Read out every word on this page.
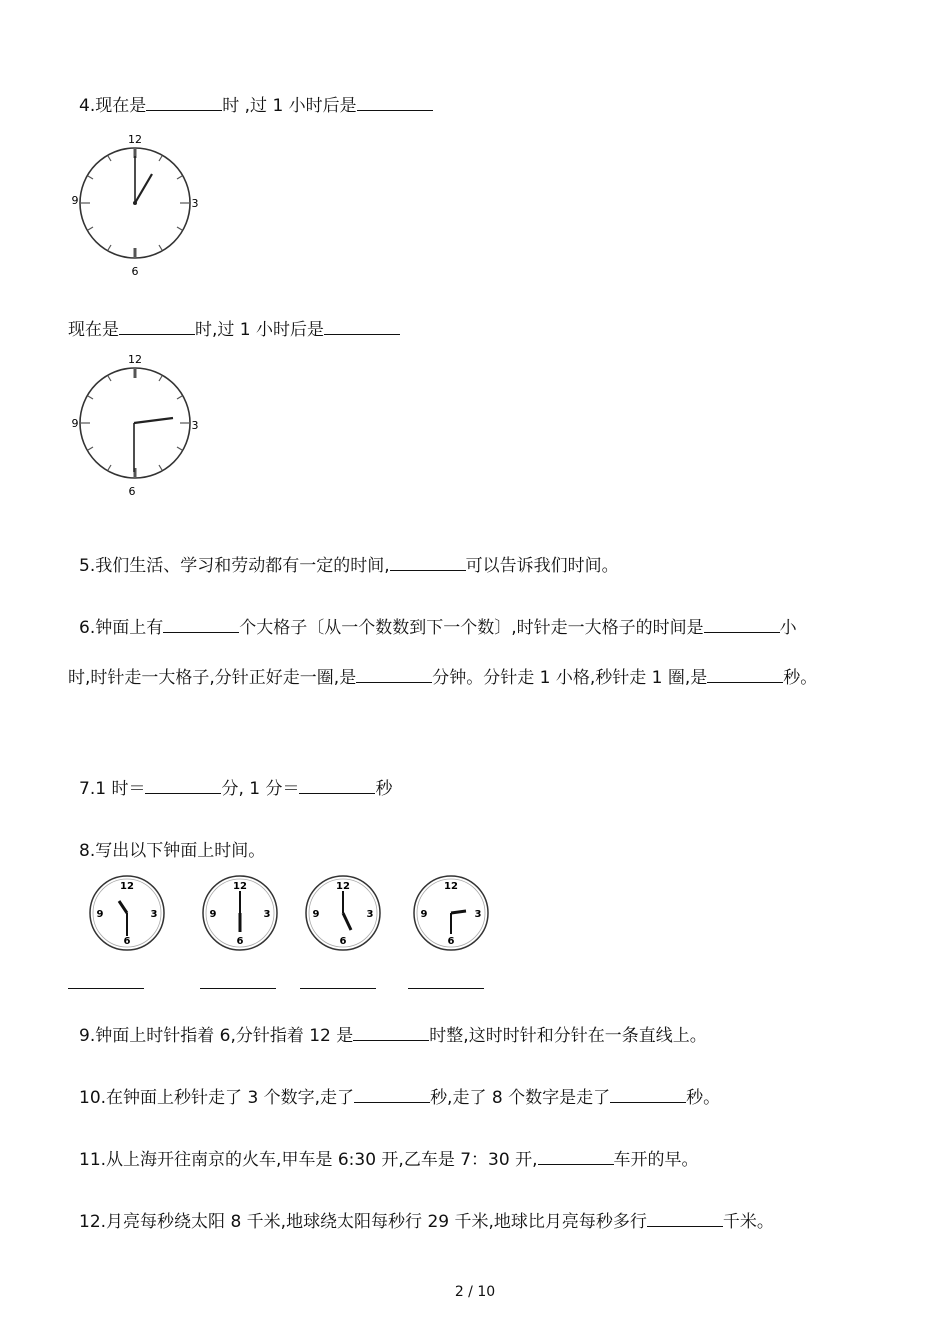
4.现在是	时 ,过 1 小时后是
12
3
6
9
现在是	时,过 1 小时后是
12
3
6
9
5.我们生活、学习和劳动都有一定的时间,	可以告诉我们时间。
6.钟面上有	个大格子〔从一个数数到下一个数〕,时针走一大格子的时间是	小
时,时针走一大格子,分针正好走一圈,是	分钟。分针走 1 小格,秒针走 1 圈,是	秒。
7.1 时＝	分, 1 分＝	秒
8.写出以下钟面上时间。
12
3
6
9
12
3
6
9
12
3
6
9
12
3
6
9
9.钟面上时针指着 6,分针指着 12 是	时整,这时时针和分针在一条直线上。
10.在钟面上秒针走了 3 个数字,走了	秒,走了 8 个数字是走了	秒。
11.从上海开往南京的火车,甲车是 6:30 开,乙车是 7：30 开,	车开的早。
12.月亮每秒绕太阳 8 千米,地球绕太阳每秒行 29 千米,地球比月亮每秒多行	千米。
2 / 10
